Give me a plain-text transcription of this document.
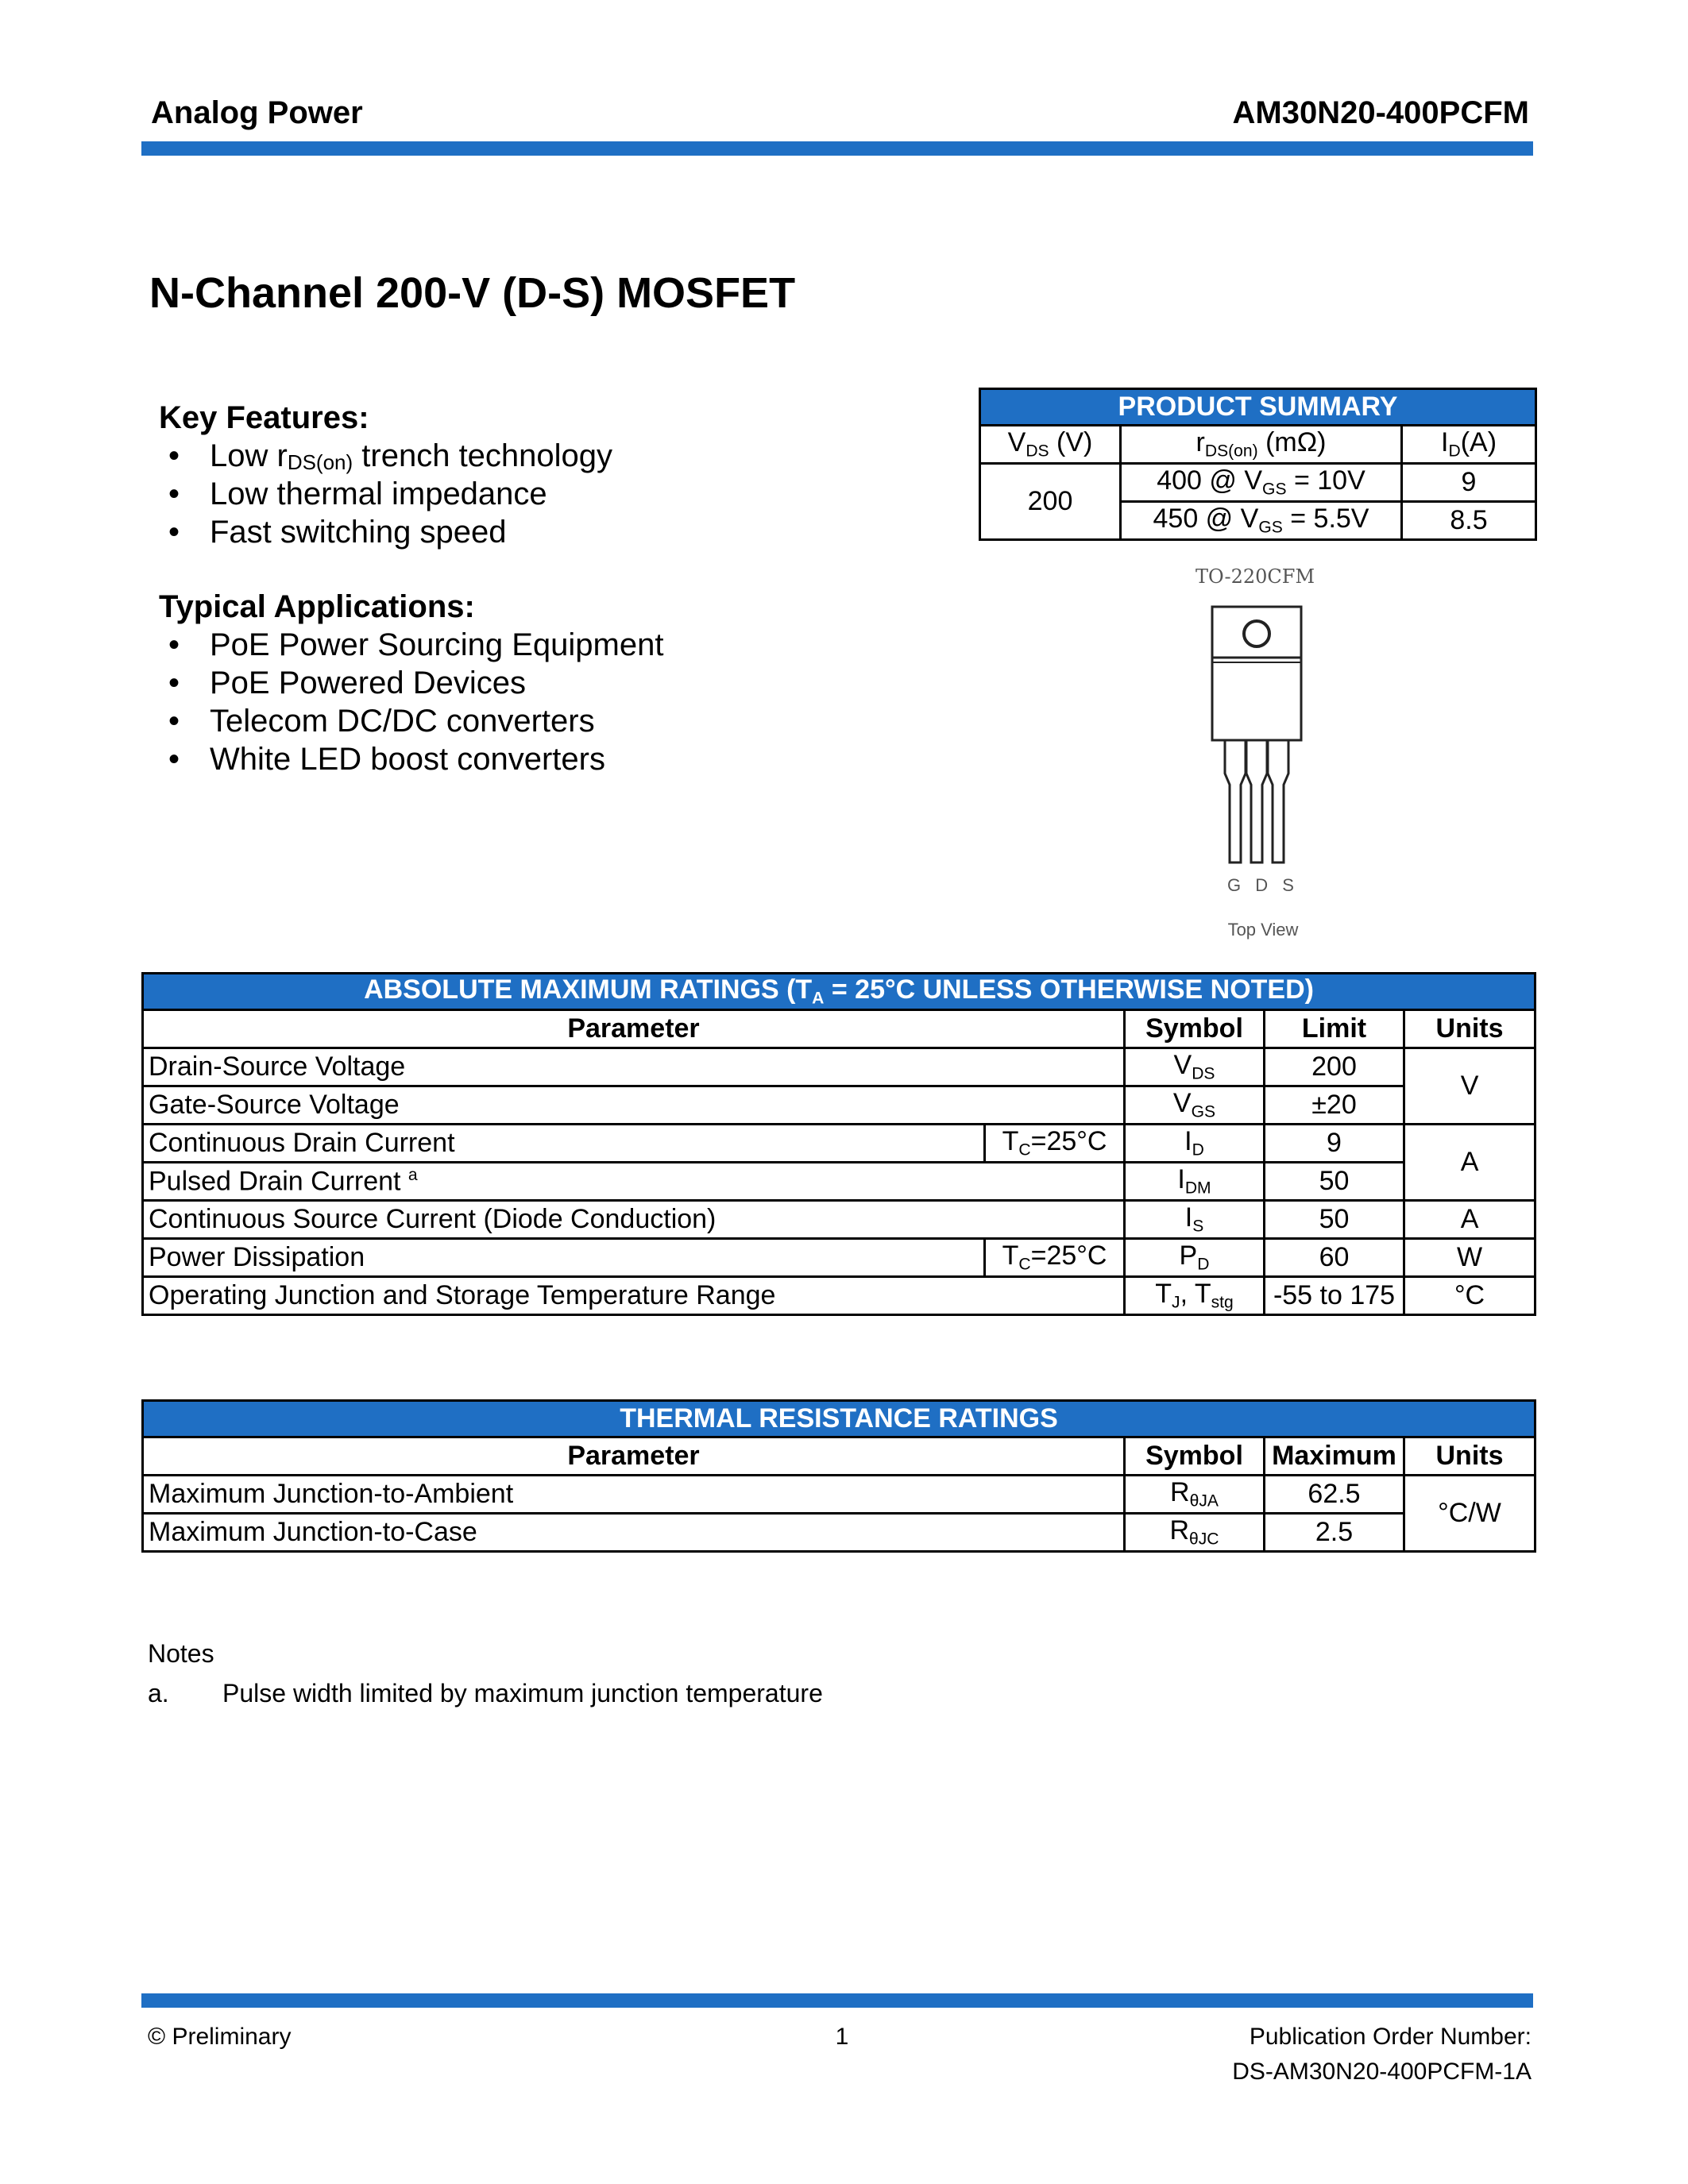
Analog Power	AM30N20-400PCFM
N-Channel 200-V (D-S) MOSFET
Key Features:
• Low $r_{DS(on)}$ trench technology
• Low thermal impedance
• Fast switching speed
Typical Applications:
• PoE Power Sourcing Equipment
• PoE Powered Devices
• Telecom DC/DC converters
• White LED boost converters
PRODUCT SUMMARY		
$V_{DS}$ (V)	$r_{DS(on)}$ (mΩ)	$I_D(A)$
200	400 @ $V_{GS} = 10V$	9
	450 @ $V_{GS} = 5.5V$	8.5
TO-220CFM
G D S
Top View
ABSOLUTE MAXIMUM RATINGS ($T_A = 25^\circ C$ UNLESS OTHERWISE NOTED)				
Parameter		Symbol	Limit	Units
Drain-Source Voltage		$V_{DS}$	200	V
Gate-Source Voltage		$V_{GS}$	±20	
Continuous Drain Current	$T_C=25^\circ C$	$I_D$	9	A
Pulsed Drain Current $^a$		$I_{DM}$	50	
Continuous Source Current (Diode Conduction)		$I_S$	50	A
Power Dissipation	$T_C=25^\circ C$	$P_D$	60	W
Operating Junction and Storage Temperature Range		$T_J$, $T_{stg}$	-55 to 175	°C
THERMAL RESISTANCE RATINGS			
Parameter	Symbol	Maximum	Units
Maximum Junction-to-Ambient	$R_{\theta JA}$	62.5	°C/W
Maximum Junction-to-Case	$R_{\theta JC}$	2.5	
Notes
a. Pulse width limited by maximum junction temperature
© Preliminary	1	Publication Order Number:
DS-AM30N20-400PCFM-1A
